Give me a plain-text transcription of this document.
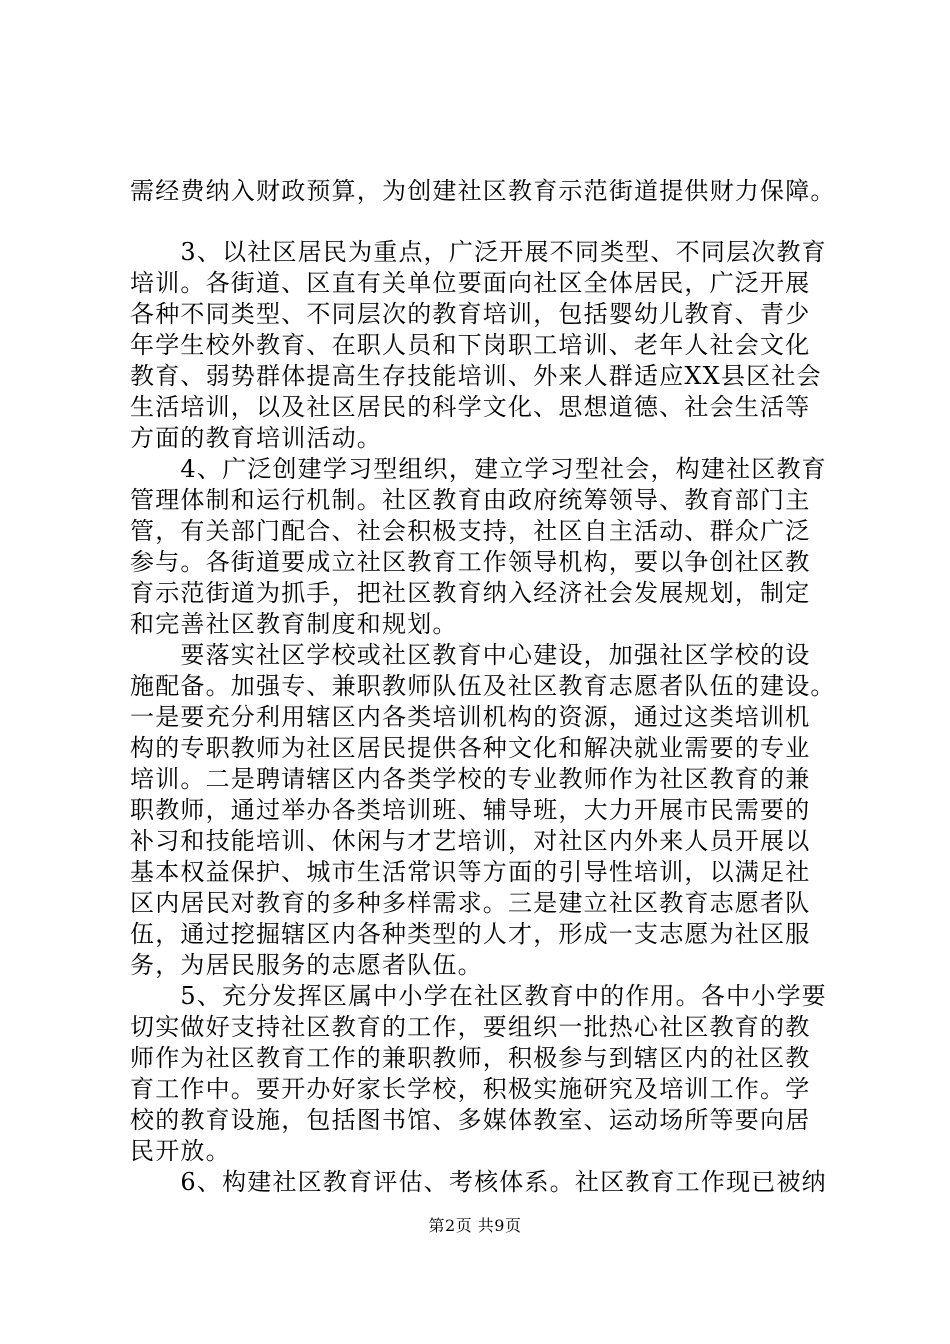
需经费纳入财政预算，为创建社区教育示范街道提供财力保障。
　　3、以社区居民为重点，广泛开展不同类型、不同层次教育
培训。各街道、区直有关单位要面向社区全体居民，广泛开展
各种不同类型、不同层次的教育培训，包括婴幼儿教育、青少
年学生校外教育、在职人员和下岗职工培训、老年人社会文化
教育、弱势群体提高生存技能培训、外来人群适应XX县区社会
生活培训，以及社区居民的科学文化、思想道德、社会生活等
方面的教育培训活动。
　　4、广泛创建学习型组织，建立学习型社会，构建社区教育
管理体制和运行机制。社区教育由政府统筹领导、教育部门主
管，有关部门配合、社会积极支持，社区自主活动、群众广泛
参与。各街道要成立社区教育工作领导机构，要以争创社区教
育示范街道为抓手，把社区教育纳入经济社会发展规划，制定
和完善社区教育制度和规划。
　　要落实社区学校或社区教育中心建设，加强社区学校的设
施配备。加强专、兼职教师队伍及社区教育志愿者队伍的建设。
一是要充分利用辖区内各类培训机构的资源，通过这类培训机
构的专职教师为社区居民提供各种文化和解决就业需要的专业
培训。二是聘请辖区内各类学校的专业教师作为社区教育的兼
职教师，通过举办各类培训班、辅导班，大力开展市民需要的
补习和技能培训、休闲与才艺培训，对社区内外来人员开展以
基本权益保护、城市生活常识等方面的引导性培训，以满足社
区内居民对教育的多种多样需求。三是建立社区教育志愿者队
伍，通过挖掘辖区内各种类型的人才，形成一支志愿为社区服
务，为居民服务的志愿者队伍。
　　5、充分发挥区属中小学在社区教育中的作用。各中小学要
切实做好支持社区教育的工作，要组织一批热心社区教育的教
师作为社区教育工作的兼职教师，积极参与到辖区内的社区教
育工作中。要开办好家长学校，积极实施研究及培训工作。学
校的教育设施，包括图书馆、多媒体教室、运动场所等要向居
民开放。
　　6、构建社区教育评估、考核体系。社区教育工作现已被纳
第2页 共9页
